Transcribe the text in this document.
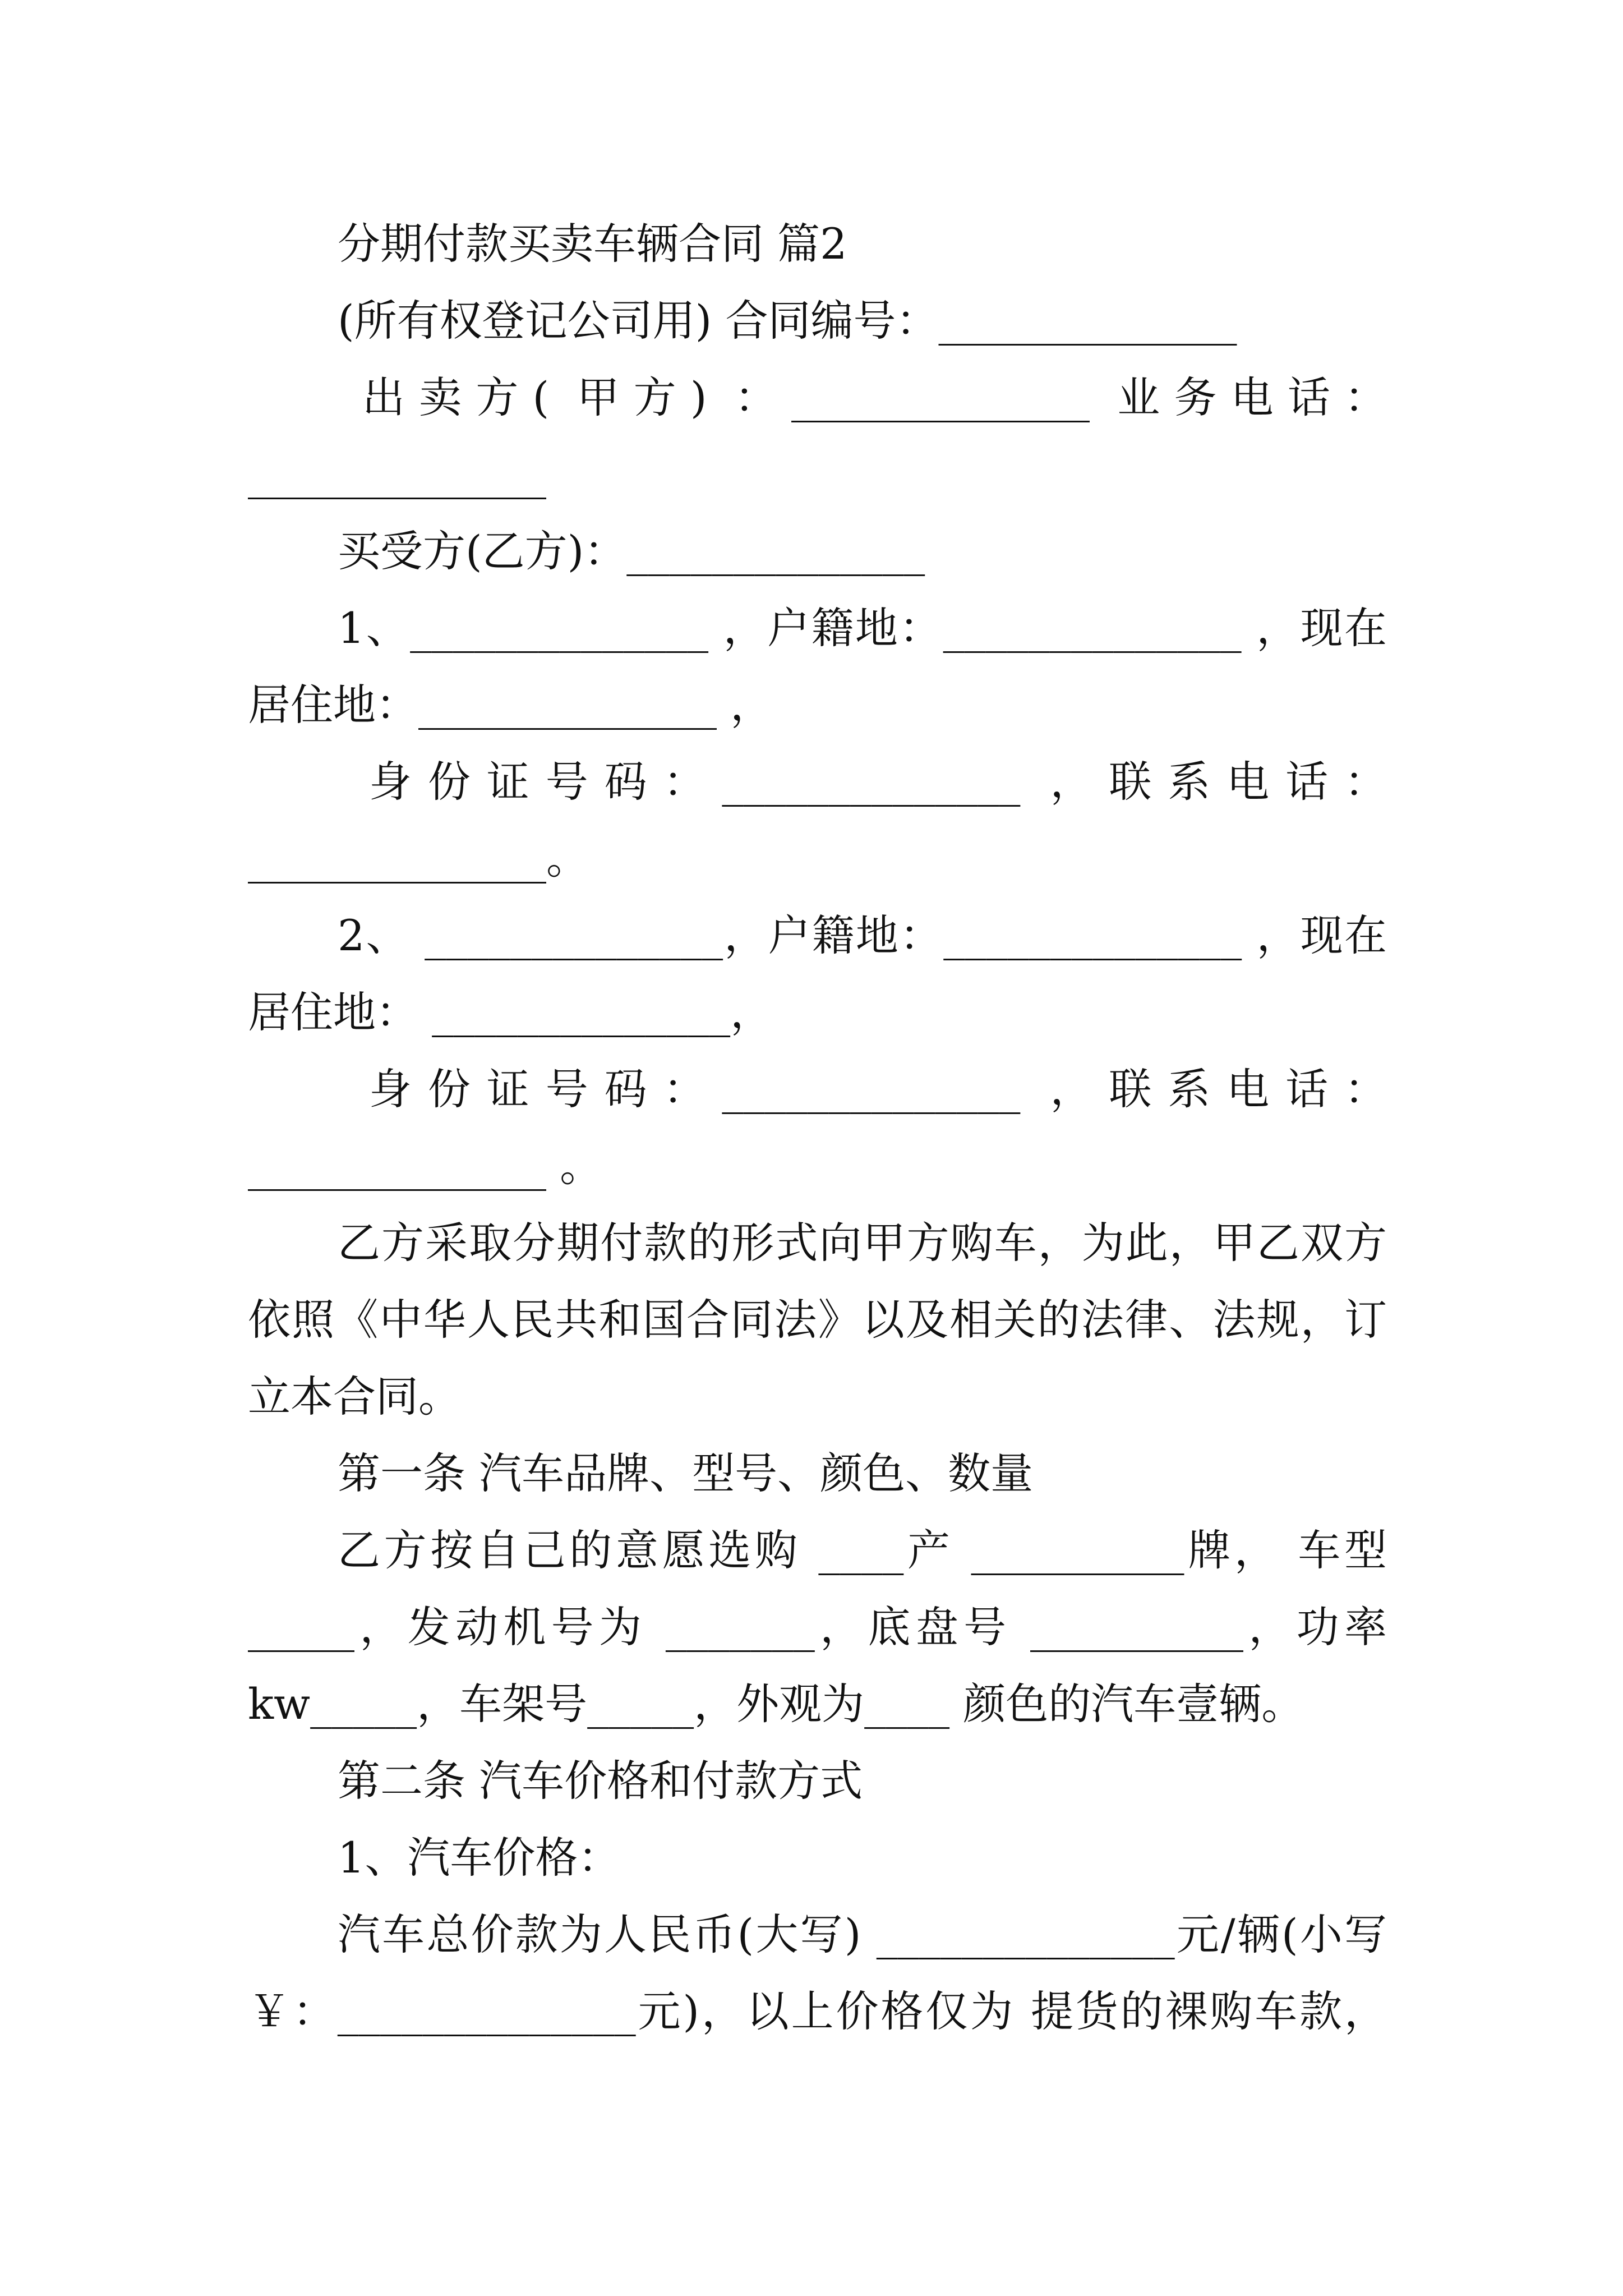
分期付款买卖车辆合同 篇2
(所有权登记公司用) 合同编号：______________
出卖方( 甲方) ：______________ 业务电话：
______________
买受方(乙方)：______________
1、______________ ，户籍地：______________ ，现在
居住地：______________ ，
身份证号码：______________ ，联系电话：
______________。
2、 ______________，户籍地：______________ ，现在
居住地： ______________，
身份证号码：______________ ，联系电话：
______________ 。
乙方采取分期付款的形式向甲方购车，为此，甲乙双方
依照《中华人民共和国合同法》以及相关的法律、法规，订
立本合同。
第一条 汽车品牌、型号、颜色、数量
乙方按自己的意愿选购 ____产 __________牌， 车型
_____，发动机号为 _______，底盘号 __________，功率
kw_____，车架号_____，外观为____ 颜色的汽车壹辆。
第二条 汽车价格和付款方式
1、汽车价格：
汽车总价款为人民币(大写) ______________元/辆(小写
￥：______________元)，以上价格仅为 提货的裸购车款，
